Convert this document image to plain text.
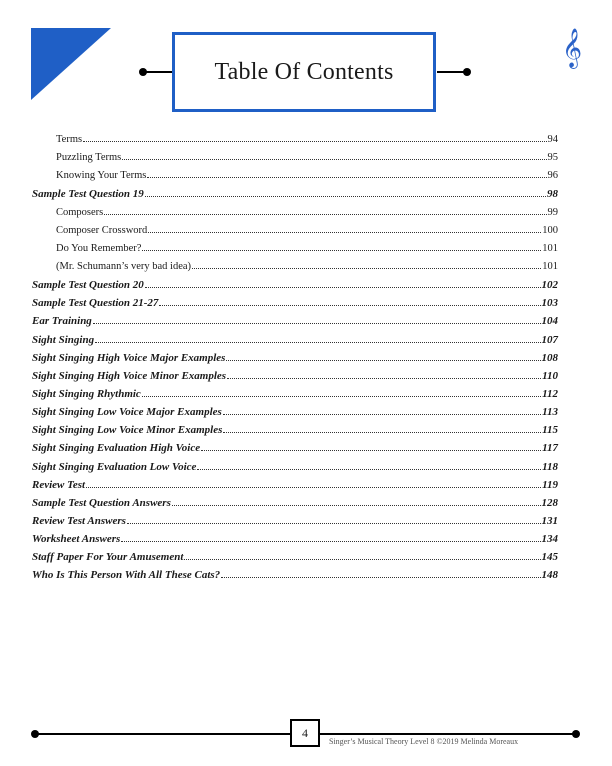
Table Of Contents
𝄞
Terms	94
Puzzling Terms	95
Knowing Your Terms	96
Sample Test Question 19	98
Composers	99
Composer Crossword	100
Do You Remember?	101
(Mr. Schumann’s very bad idea)	101
Sample Test Question 20	102
Sample Test Question 21-27	103
Ear Training	104
Sight Singing	107
Sight Singing High Voice Major Examples	108
Sight Singing High Voice Minor Examples	110
Sight Singing Rhythmic	112
Sight Singing Low Voice Major Examples	113
Sight Singing Low Voice Minor Examples	115
Sight Singing Evaluation High Voice	117
Sight Singing Evaluation Low Voice	118
Review Test	119
Sample Test Question Answers	128
Review Test Answers	131
Worksheet Answers	134
Staff Paper For Your Amusement	145
Who Is This Person With All These Cats?	148
4
Singer’s Musical Theory Level 8 ©2019 Melinda Moreaux
